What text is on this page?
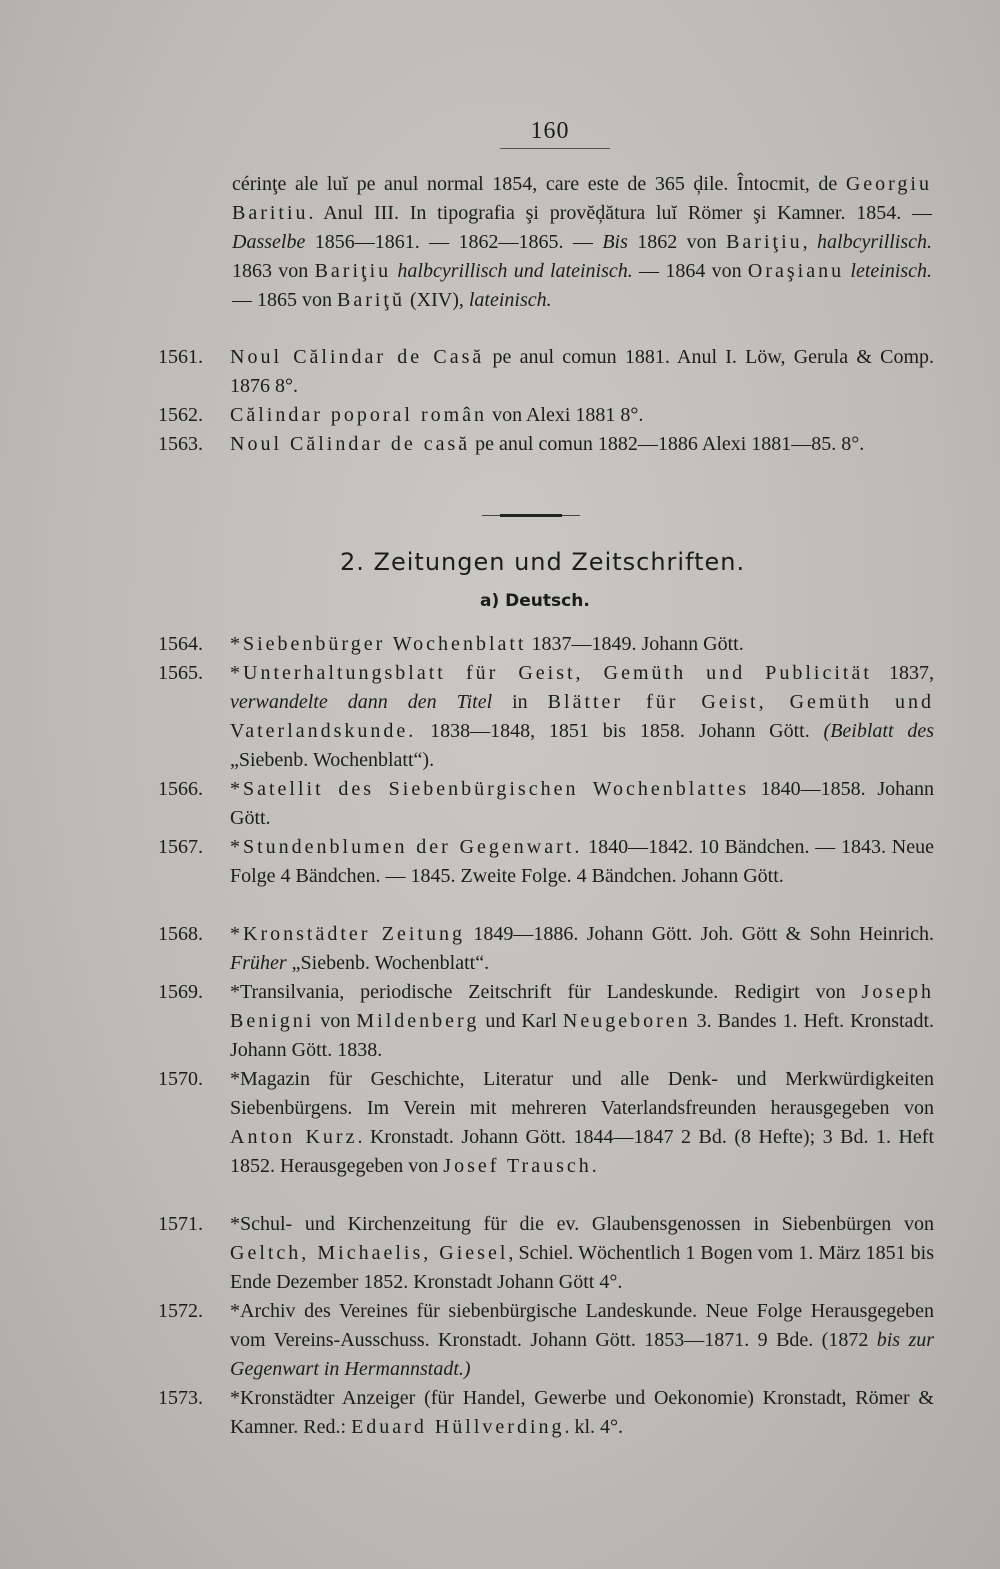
160
cérinţe ale luĭ pe anul normal 1854, care este de 365 ḑile. Întocmit, de Georgiu Baritiu. Anul III. In tipografia şi provĕḑătura luĭ Römer şi Kamner. 1854. — Dasselbe 1856—1861. — 1862—1865. — Bis 1862 von Bariţiu, halbcyrillisch. 1863 von Bariţiu halbcyrillisch und lateinisch. — 1864 von Oraşianu leteinisch. — 1865 von Bariţŭ (XIV), lateinisch.
1561.	Noul Călindar de Casă pe anul comun 1881. Anul I. Löw, Gerula & Comp. 1876 8°.
1562.	Călindar poporal român von Alexi 1881 8°.
1563.	Noul Călindar de casă pe anul comun 1882—1886 Alexi 1881—85. 8°.
2. Zeitungen und Zeitschriften.
a) Deutsch.
1564.	*Siebenbürger Wochenblatt 1837—1849. Johann Gött.
1565.	*Unterhaltungsblatt für Geist, Gemüth und Publicität 1837, verwandelte dann den Titel in Blätter für Geist, Gemüth und Vaterlandskunde. 1838—1848, 1851 bis 1858. Johann Gött. (Beiblatt des „Siebenb. Wochenblatt“).
1566.	*Satellit des Siebenbürgischen Wochenblattes 1840—1858. Johann Gött.
1567.	*Stundenblumen der Gegenwart. 1840—1842. 10 Bändchen. — 1843. Neue Folge 4 Bändchen. — 1845. Zweite Folge. 4 Bändchen. Johann Gött.
1568.	*Kronstädter Zeitung 1849—1886. Johann Gött. Joh. Gött & Sohn Heinrich. Früher „Siebenb. Wochenblatt“.
1569.	*Transilvania, periodische Zeitschrift für Landeskunde. Redigirt von Joseph Benigni von Mildenberg und Karl Neugeboren 3. Bandes 1. Heft. Kronstadt. Johann Gött. 1838.
1570.	*Magazin für Geschichte, Literatur und alle Denk- und Merkwürdigkeiten Siebenbürgens. Im Verein mit mehreren Vaterlandsfreunden herausgegeben von Anton Kurz. Kronstadt. Johann Gött. 1844—1847 2 Bd. (8 Hefte); 3 Bd. 1. Heft 1852. Herausgegeben von Josef Trausch.
1571.	*Schul- und Kirchenzeitung für die ev. Glaubensgenossen in Siebenbürgen von Geltch, Michaelis, Giesel, Schiel. Wöchentlich 1 Bogen vom 1. März 1851 bis Ende Dezember 1852. Kronstadt Johann Gött 4°.
1572.	*Archiv des Vereines für siebenbürgische Landeskunde. Neue Folge Herausgegeben vom Vereins-Ausschuss. Kronstadt. Johann Gött. 1853—1871. 9 Bde. (1872 bis zur Gegenwart in Hermannstadt.)
1573.	*Kronstädter Anzeiger (für Handel, Gewerbe und Oekonomie) Kronstadt, Römer & Kamner. Red.: Eduard Hüllverding. kl. 4°.
